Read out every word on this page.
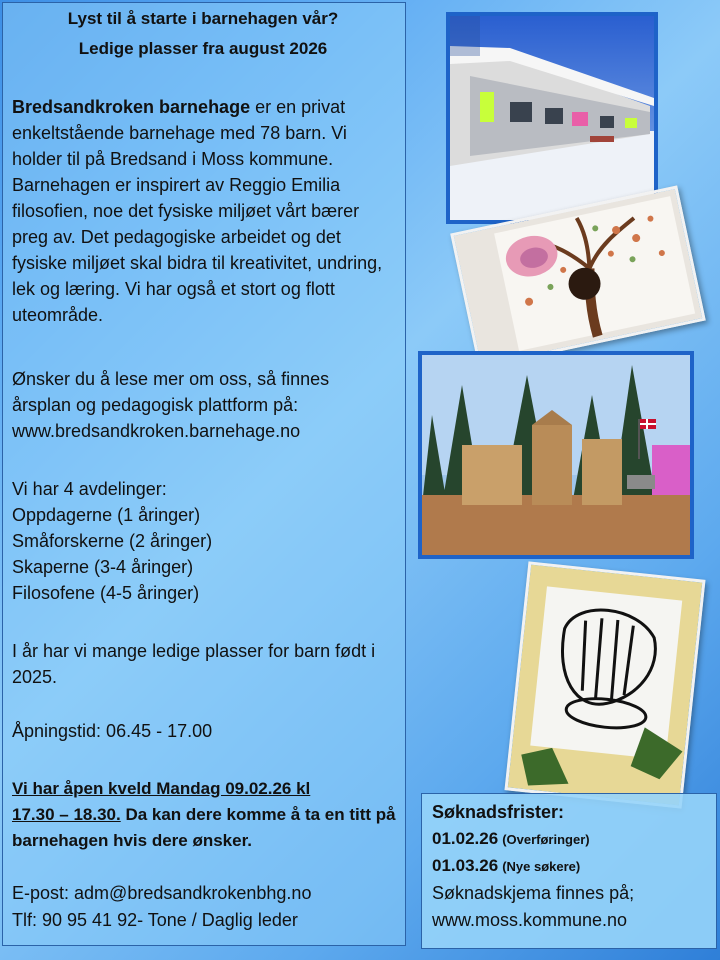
Lyst til å starte i barnehagen vår?
Ledige plasser fra august 2026

Bredsandkroken barnehage er en privat enkeltstående barnehage med 78 barn. Vi holder til på Bredsand i Moss kommune. Barnehagen er inspirert av Reggio Emilia filosofien, noe det fysiske miljøet vårt bærer preg av. Det pedagogiske arbeidet og det fysiske miljøet skal bidra til kreativitet, undring, lek og læring. Vi har også et stort og flott uteområde.

Ønsker du å lese mer om oss, så finnes

årsplan og pedagogisk plattform på:

www.bredsandkroken.barnehage.no

Vi har 4 avdelinger:

Oppdagerne (1 åringer)

Småforskerne (2 åringer)

Skaperne (3-4 åringer)

Filosofene (4-5 åringer)

I år har vi mange ledige plasser for barn født i 2025.
Åpningstid: 06.45 - 17.00
Vi har åpen kveld Mandag 09.02.26 kl
17.30 – 18.30. Da kan dere komme å ta en titt på barnehagen hvis dere ønsker.
E-post: adm@bredsandkrokenbhg.no
Tlf: 90 95 41 92- Tone / Daglig leder
Søknadsfrister:
01.02.26 (Overføringer)
01.03.26 (Nye søkere)
Søknadskjema finnes på;
www.moss.kommune.no
